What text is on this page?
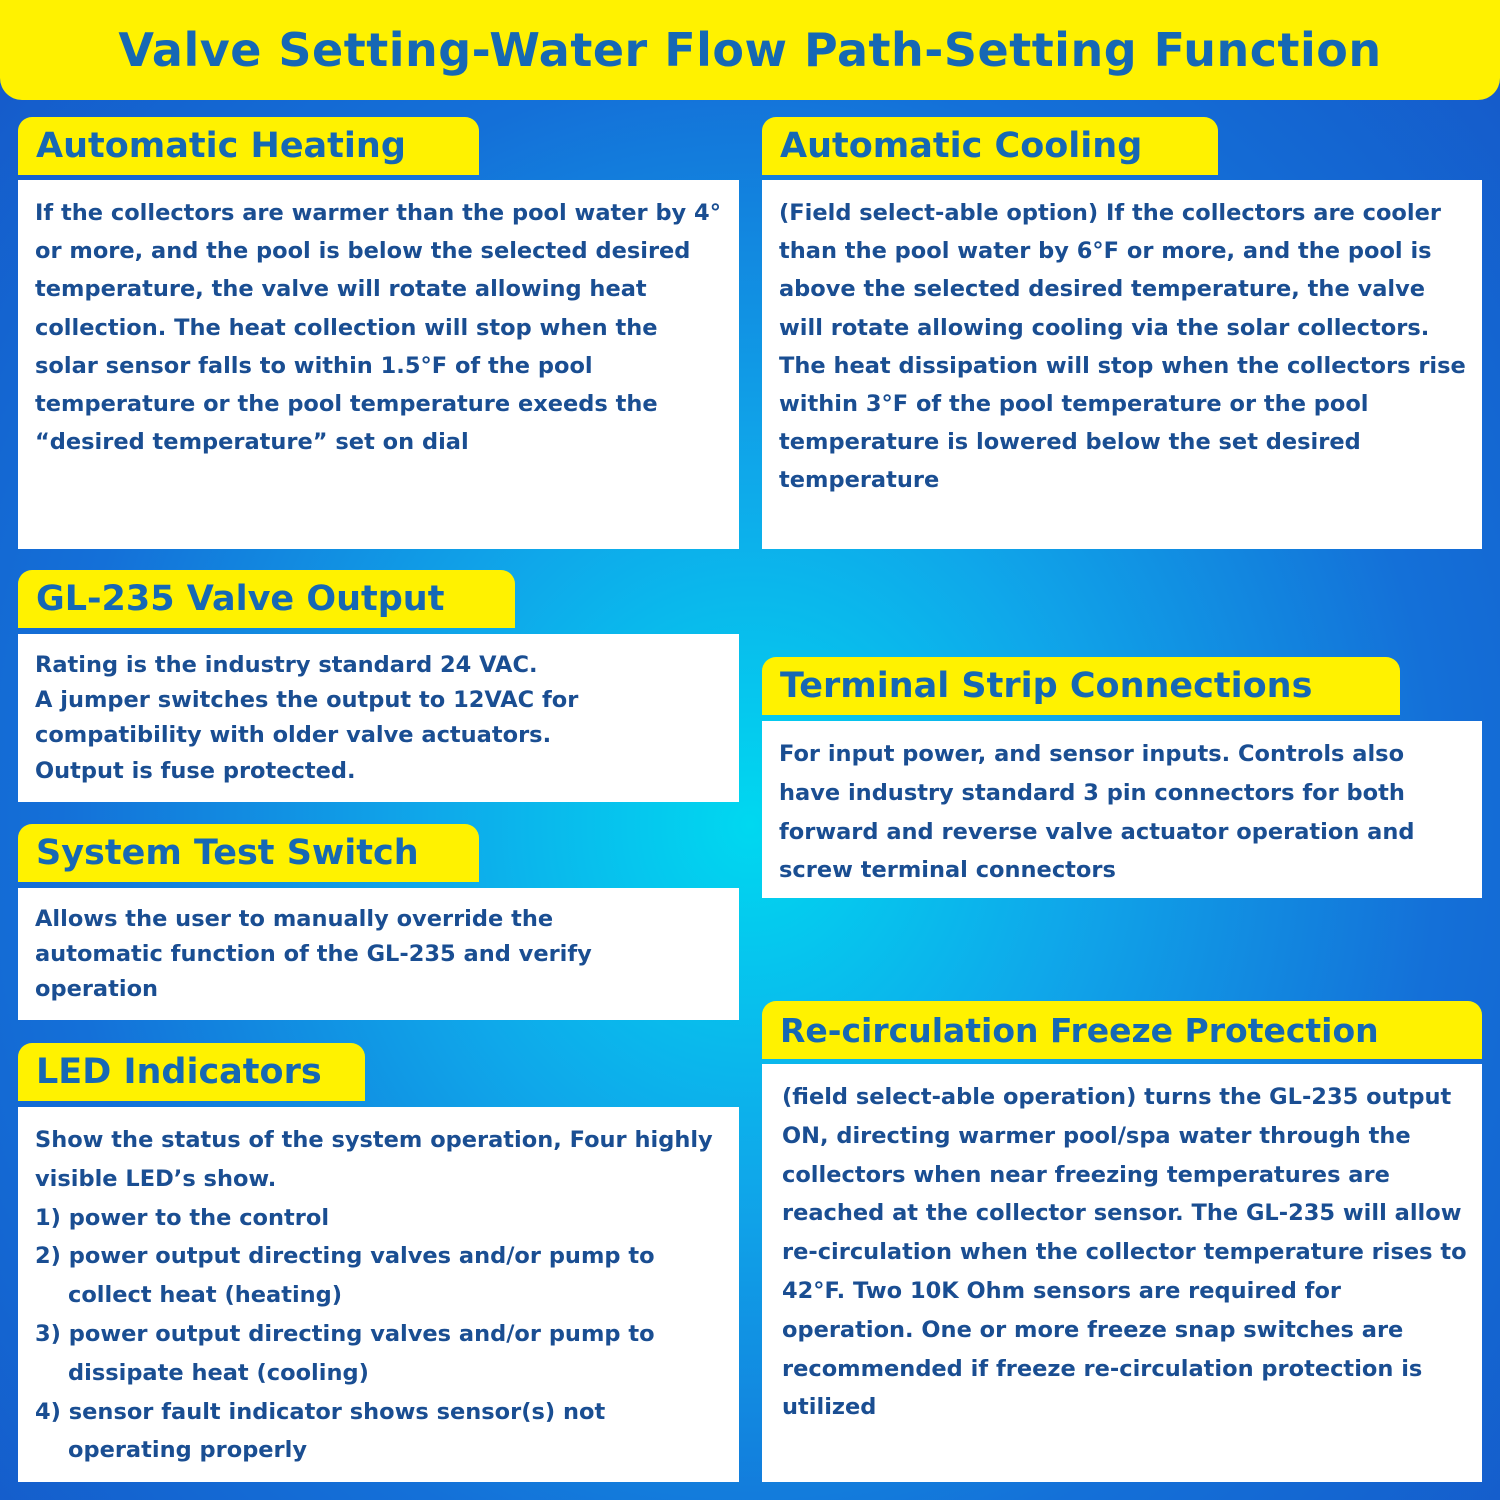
Valve Setting-Water Flow Path-Setting Function
Automatic Heating

If the collectors are warmer than the pool water by 4° or more, and the pool is below the selected desired temperature, the valve will rotate allowing heat collection. The heat collection will stop when the solar sensor falls to within 1.5°F of the pool temperature or the pool temperature exeeds the “desired temperature” set on dial

Automatic Cooling

(Field select-able option) If the collectors are cooler than the pool water by 6°F or more, and the pool is above the selected desired temperature, the valve will rotate allowing cooling via the solar collectors. The heat dissipation will stop when the collectors rise within 3°F of the pool temperature or the pool temperature is lowered below the set desired temperature

GL-235 Valve Output

Rating is the industry standard 24 VAC.

A jumper switches the output to 12VAC for compatibility with older valve actuators.

Output is fuse protected.

System Test Switch

Allows the user to manually override the automatic function of the GL-235 and verify operation

LED Indicators

Show the status of the system operation, Four highly visible LED’s show.

1) power to the control
2) power output directing valves and/or pump to collect heat (heating)
3) power output directing valves and/or pump to dissipate heat (cooling)
4) sensor fault indicator shows sensor(s) not operating properly
Terminal Strip Connections

For input power, and sensor inputs. Controls also have industry standard 3 pin connectors for both forward and reverse valve actuator operation and screw terminal connectors

Re-circulation Freeze Protection

(field select-able operation) turns the GL-235 output ON, directing warmer pool/spa water through the collectors when near freezing temperatures are reached at the collector sensor. The GL-235 will allow re-circulation when the collector temperature rises to 42°F. Two 10K Ohm sensors are required for operation. One or more freeze snap switches are recommended if freeze re-circulation protection is utilized
